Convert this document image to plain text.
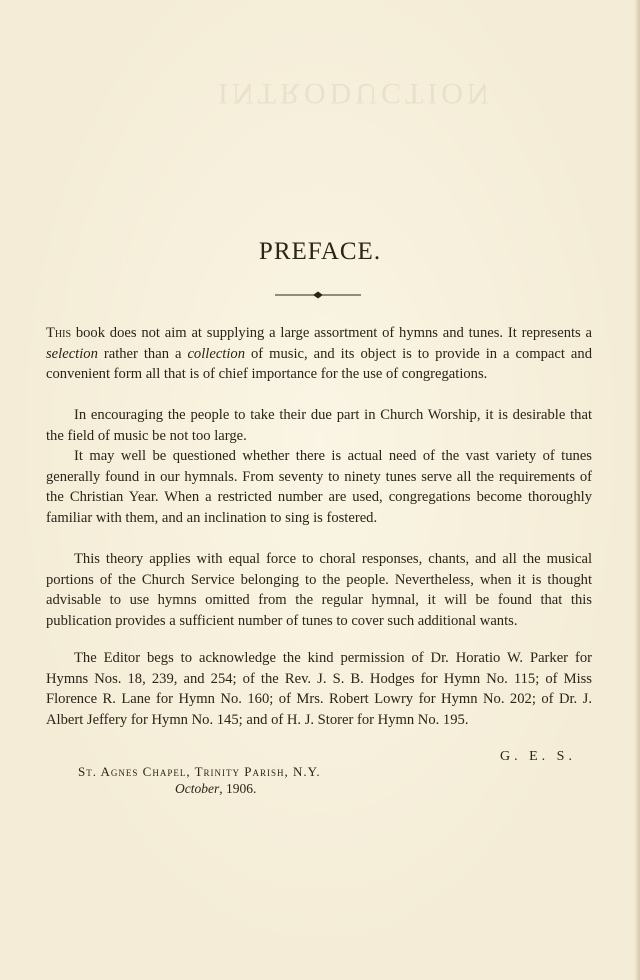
INTRODUCTION
PREFACE.

This book does not aim at supplying a large assortment of hymns and tunes. It represents a selection rather than a collection of music, and its object is to provide in a compact and convenient form all that is of chief importance for the use of congregations.

In encouraging the people to take their due part in Church Worship, it is desirable that the field of music be not too large.

It may well be questioned whether there is actual need of the vast variety of tunes generally found in our hymnals. From seventy to ninety tunes serve all the requirements of the Christian Year. When a restricted number are used, congregations become thoroughly familiar with them, and an inclination to sing is fostered.

This theory applies with equal force to choral responses, chants, and all the musical portions of the Church Service belonging to the people. Nevertheless, when it is thought advisable to use hymns omitted from the regular hymnal, it will be found that this publication provides a sufficient number of tunes to cover such additional wants.

The Editor begs to acknowledge the kind permission of Dr. Horatio W. Parker for Hymns Nos. 18, 239, and 254; of the Rev. J. S. B. Hodges for Hymn No. 115; of Miss Florence R. Lane for Hymn No. 160; of Mrs. Robert Lowry for Hymn No. 202; of Dr. J. Albert Jeffery for Hymn No. 145; and of H. J. Storer for Hymn No. 195.

G. E. S.
St. Agnes Chapel, Trinity Parish, N.Y.
October, 1906.
